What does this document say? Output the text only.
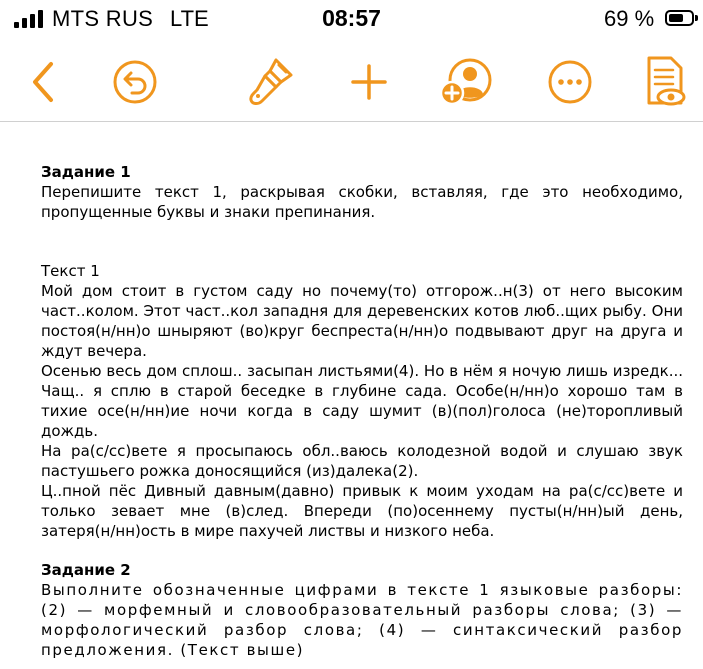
MTS RUS LTE	08:57	69 %

Задание 1

Перепишите текст 1, раскрывая скобки, вставляя, где это необходимо, пропущенные буквы и знаки препинания.

Текст 1

Мой дом стоит в густом саду но почему(то) отгорож..н(3) от него высоким част..колом. Этот част..кол западня для деревенских котов люб..щих рыбу. Они постоя(н/нн)о шныряют (во)круг беспреста(н/нн)о подвывают друг на друга и ждут вечера.

Осенью весь дом сплош.. засыпан листьями(4). Но в нём я ночую лишь изредк... Чащ.. я сплю в старой беседке в глубине сада. Особе(н/нн)о хорошо там в тихие осе(н/нн)ие ночи когда в саду шумит (в)(пол)голоса (не)торопливый дождь.

На ра(с/сс)вете я просыпаюсь обл..ваюсь колодезной водой и слушаю звук пастушьего рожка доносящийся (из)далека(2).

Ц..пной пёс Дивный давным(давно) привык к моим уходам на ра(с/сс)вете и только зевает мне (в)след. Впереди (по)осеннему пусты(н/нн)ый день, затеря(н/нн)ость в мире пахучей листвы и низкого неба.

Задание 2

Выполните обозначенные цифрами в тексте 1 языковые разборы: (2) — морфемный и словообразовательный разборы слова; (3) — морфологический разбор слова; (4) — синтаксический разбор предложения. (Текст выше)
